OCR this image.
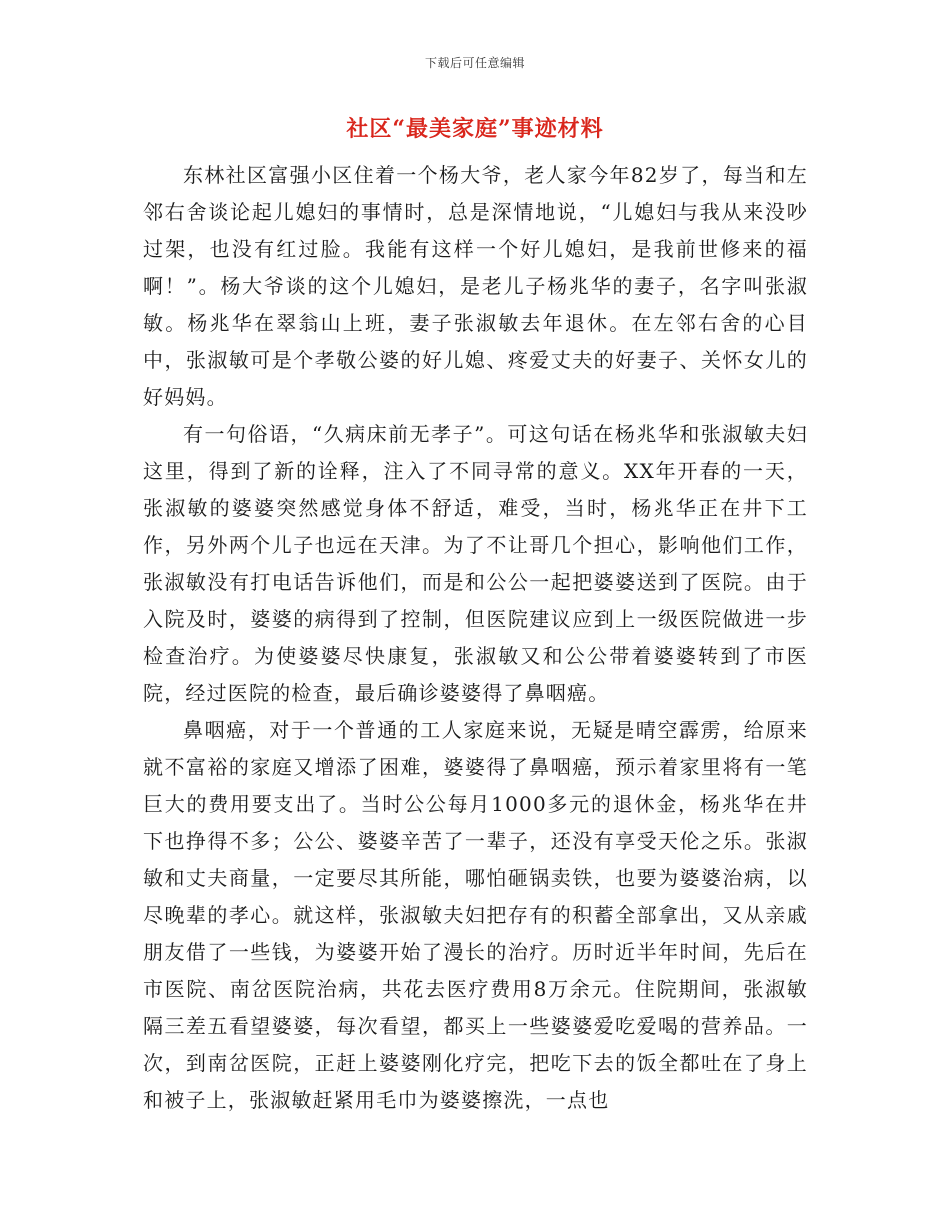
下载后可任意编辑
社区“最美家庭”事迹材料

东林社区富强小区住着一个杨大爷，老人家今年82岁了，每当和左邻右舍谈论起儿媳妇的事情时，总是深情地说，“儿媳妇与我从来没吵过架，也没有红过脸。我能有这样一个好儿媳妇，是我前世修来的福啊！”。杨大爷谈的这个儿媳妇，是老儿子杨兆华的妻子，名字叫张淑敏。杨兆华在翠翁山上班，妻子张淑敏去年退休。在左邻右舍的心目中，张淑敏可是个孝敬公婆的好儿媳、疼爱丈夫的好妻子、关怀女儿的好妈妈。

有一句俗语，“久病床前无孝子”。可这句话在杨兆华和张淑敏夫妇这里，得到了新的诠释，注入了不同寻常的意义。XX年开春的一天，张淑敏的婆婆突然感觉身体不舒适，难受，当时，杨兆华正在井下工作，另外两个儿子也远在天津。为了不让哥几个担心，影响他们工作，张淑敏没有打电话告诉他们，而是和公公一起把婆婆送到了医院。由于入院及时，婆婆的病得到了控制，但医院建议应到上一级医院做进一步检查治疗。为使婆婆尽快康复，张淑敏又和公公带着婆婆转到了市医院，经过医院的检查，最后确诊婆婆得了鼻咽癌。

鼻咽癌，对于一个普通的工人家庭来说，无疑是晴空霹雳，给原来就不富裕的家庭又增添了困难，婆婆得了鼻咽癌，预示着家里将有一笔巨大的费用要支出了。当时公公每月1000多元的退休金，杨兆华在井下也挣得不多；公公、婆婆辛苦了一辈子，还没有享受天伦之乐。张淑敏和丈夫商量，一定要尽其所能，哪怕砸锅卖铁，也要为婆婆治病，以尽晚辈的孝心。就这样，张淑敏夫妇把存有的积蓄全部拿出，又从亲戚朋友借了一些钱，为婆婆开始了漫长的治疗。历时近半年时间，先后在市医院、南岔医院治病，共花去医疗费用8万余元。住院期间，张淑敏隔三差五看望婆婆，每次看望，都买上一些婆婆爱吃爱喝的营养品。一次，到南岔医院，正赶上婆婆刚化疗完，把吃下去的饭全都吐在了身上和被子上，张淑敏赶紧用毛巾为婆婆擦洗，一点也
